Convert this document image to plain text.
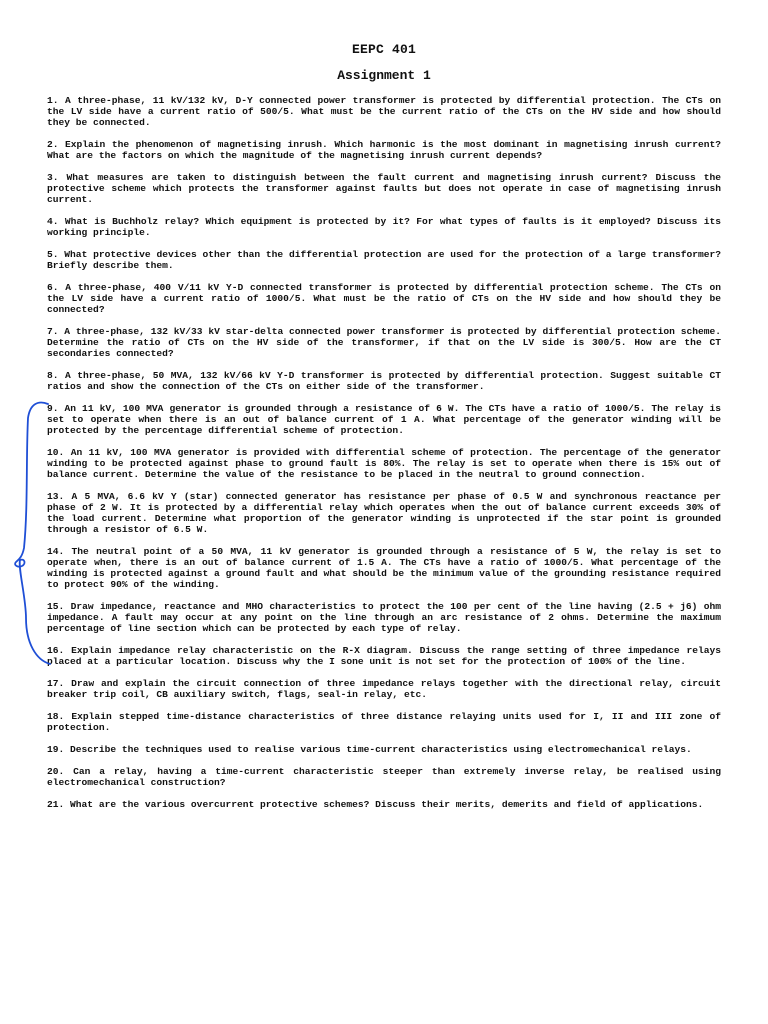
EEPC 401
Assignment 1
1. A three-phase, 11 kV/132 kV, D-Y connected power transformer is protected by differential protection. The CTs on the LV side have a current ratio of 500/5. What must be the current ratio of the CTs on the HV side and how should they be connected.
2. Explain the phenomenon of magnetising inrush. Which harmonic is the most dominant in magnetising inrush current? What are the factors on which the magnitude of the magnetising inrush current depends?
3. What measures are taken to distinguish between the fault current and magnetising inrush current? Discuss the protective scheme which protects the transformer against faults but does not operate in case of magnetising inrush current.
4. What is Buchholz relay? Which equipment is protected by it? For what types of faults is it employed? Discuss its working principle.
5. What protective devices other than the differential protection are used for the protection of a large transformer? Briefly describe them.
6. A three-phase, 400 V/11 kV Y-D connected transformer is protected by differential protection scheme. The CTs on the LV side have a current ratio of 1000/5. What must be the ratio of CTs on the HV side and how should they be connected?
7. A three-phase, 132 kV/33 kV star-delta connected power transformer is protected by differential protection scheme. Determine the ratio of CTs on the HV side of the transformer, if that on the LV side is 300/5. How are the CT secondaries connected?
8. A three-phase, 50 MVA, 132 kV/66 kV Y-D transformer is protected by differential protection. Suggest suitable CT ratios and show the connection of the CTs on either side of the transformer.
9. An 11 kV, 100 MVA generator is grounded through a resistance of 6 W. The CTs have a ratio of 1000/5. The relay is set to operate when there is an out of balance current of 1 A. What percentage of the generator winding will be protected by the percentage differential scheme of protection.
10. An 11 kV, 100 MVA generator is provided with differential scheme of protection. The percentage of the generator winding to be protected against phase to ground fault is 80%. The relay is set to operate when there is 15% out of balance current. Determine the value of the resistance to be placed in the neutral to ground connection.
13. A 5 MVA, 6.6 kV Y (star) connected generator has resistance per phase of 0.5 W and synchronous reactance per phase of 2 W. It is protected by a differential relay which operates when the out of balance current exceeds 30% of the load current. Determine what proportion of the generator winding is unprotected if the star point is grounded through a resistor of 6.5 W.
14. The neutral point of a 50 MVA, 11 kV generator is grounded through a resistance of 5 W, the relay is set to operate when, there is an out of balance current of 1.5 A. The CTs have a ratio of 1000/5. What percentage of the winding is protected against a ground fault and what should be the minimum value of the grounding resistance required to protect 90% of the winding.
15. Draw impedance, reactance and MHO characteristics to protect the 100 per cent of the line having (2.5 + j6) ohm impedance. A fault may occur at any point on the line through an arc resistance of 2 ohms. Determine the maximum percentage of line section which can be protected by each type of relay.
16. Explain impedance relay characteristic on the R-X diagram. Discuss the range setting of three impedance relays placed at a particular location. Discuss why the I sone unit is not set for the protection of 100% of the line.
17. Draw and explain the circuit connection of three impedance relays together with the directional relay, circuit breaker trip coil, CB auxiliary switch, flags, seal-in relay, etc.
18. Explain stepped time-distance characteristics of three distance relaying units used for I, II and III zone of protection.
19. Describe the techniques used to realise various time-current characteristics using electromechanical relays.
20. Can a relay, having a time-current characteristic steeper than extremely inverse relay, be realised using electromechanical construction?
21. What are the various overcurrent protective schemes? Discuss their merits, demerits and field of applications.
